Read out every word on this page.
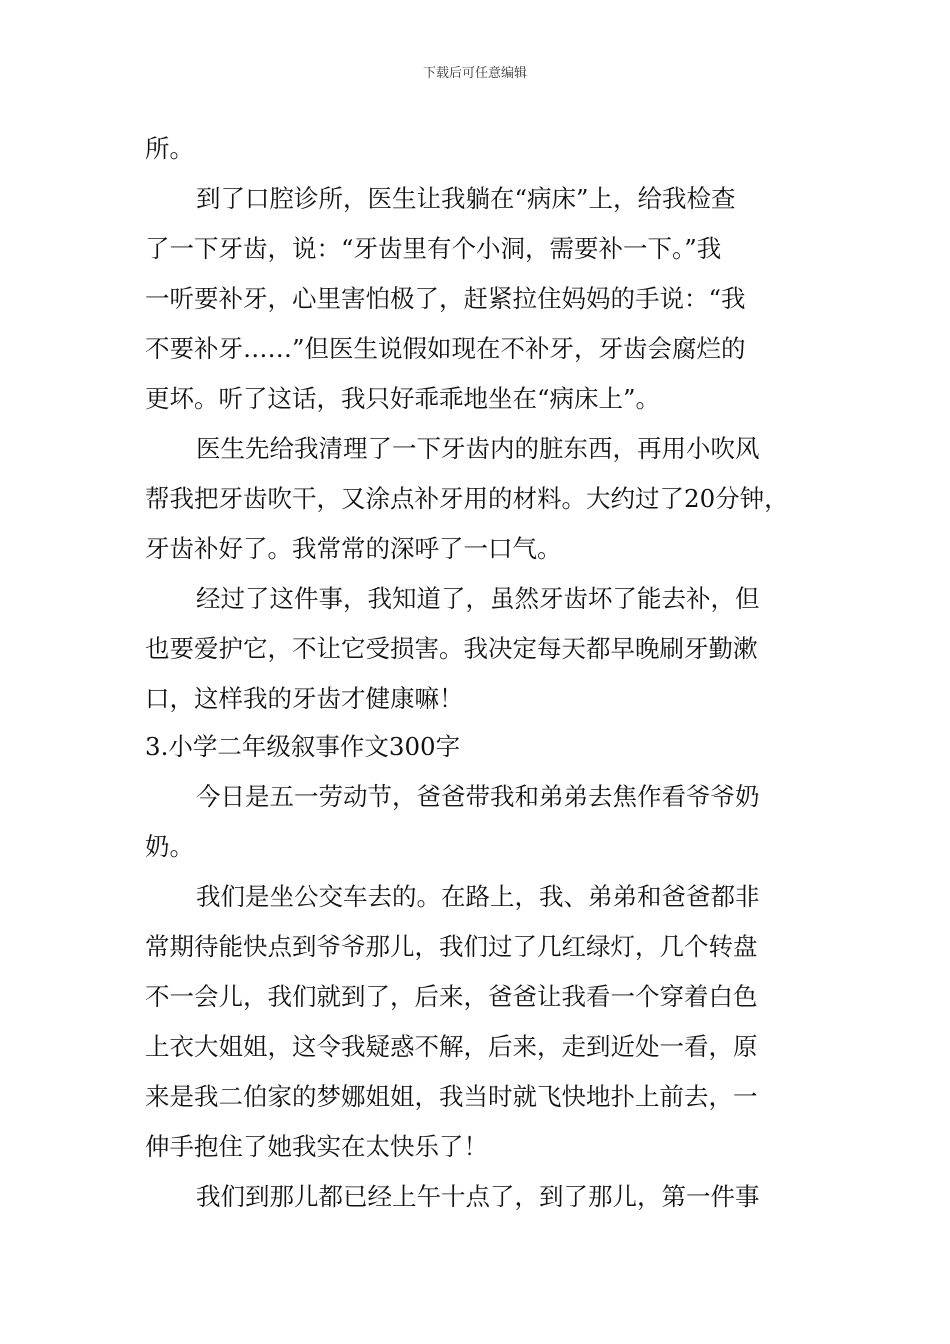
下载后可任意编辑
所。
到了口腔诊所，医生让我躺在“病床”上，给我检查
了一下牙齿，说：“牙齿里有个小洞，需要补一下。”我
一听要补牙，心里害怕极了，赶紧拉住妈妈的手说：“我
不要补牙……”但医生说假如现在不补牙，牙齿会腐烂的
更坏。听了这话，我只好乖乖地坐在“病床上”。
医生先给我清理了一下牙齿内的脏东西，再用小吹风
帮我把牙齿吹干，又涂点补牙用的材料。大约过了20分钟，
牙齿补好了。我常常的深呼了一口气。
经过了这件事，我知道了，虽然牙齿坏了能去补，但
也要爱护它，不让它受损害。我决定每天都早晚刷牙勤漱
口，这样我的牙齿才健康嘛！
3.小学二年级叙事作文300字
今日是五一劳动节，爸爸带我和弟弟去焦作看爷爷奶
奶。
我们是坐公交车去的。在路上，我、弟弟和爸爸都非
常期待能快点到爷爷那儿，我们过了几红绿灯，几个转盘
不一会儿，我们就到了，后来，爸爸让我看一个穿着白色
上衣大姐姐，这令我疑惑不解，后来，走到近处一看，原
来是我二伯家的梦娜姐姐，我当时就飞快地扑上前去，一
伸手抱住了她我实在太快乐了！
我们到那儿都已经上午十点了，到了那儿，第一件事
